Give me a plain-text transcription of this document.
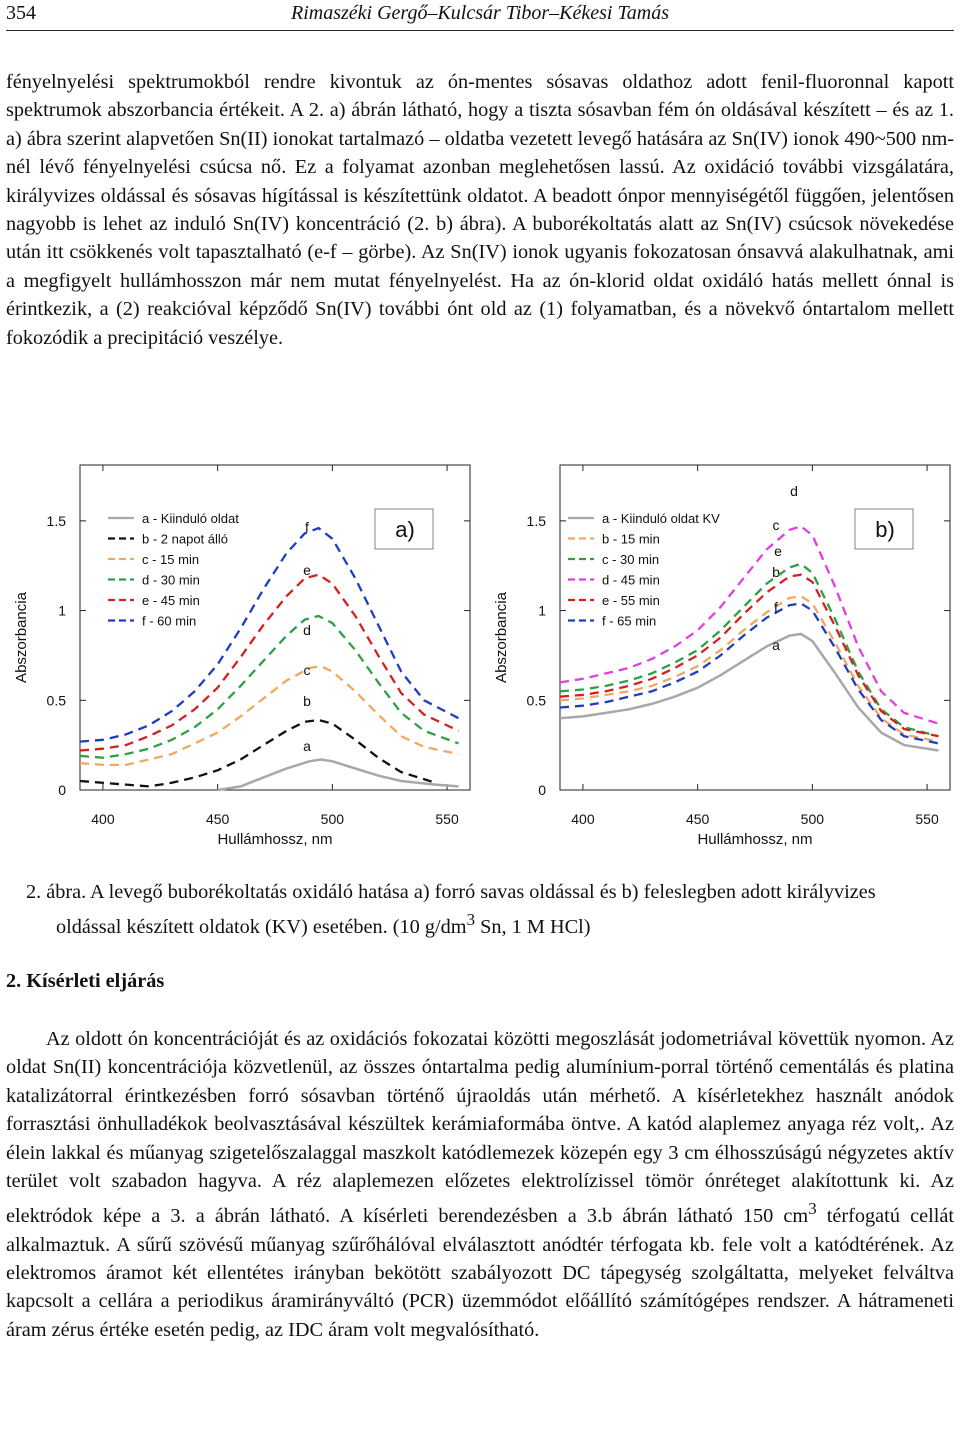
354	Rimaszéki Gergő–Kulcsár Tibor–Kékesi Tamás

fényelnyelési spektrumokból rendre kivontuk az ón-mentes sósavas oldathoz adott fenil-fluoronnal kapott spektrumok abszorbancia értékeit. A 2. a) ábrán látható, hogy a tiszta sósavban fém ón oldásával készített – és az 1. a) ábra szerint alapvetően Sn(II) ionokat tartalmazó – oldatba vezetett levegő hatására az Sn(IV) ionok 490~500 nm-nél lévő fényelnyelési csúcsa nő. Ez a folyamat azonban meglehetősen lassú. Az oxidáció további vizsgálatára, királyvizes oldással és sósavas hígítással is készítettünk oldatot. A beadott ónpor mennyiségétől függően, jelentősen nagyobb is lehet az induló Sn(IV) koncentráció (2. b) ábra). A buborékoltatás alatt az Sn(IV) csúcsok növekedése után itt csökkenés volt tapasztalható (e-f – görbe). Az Sn(IV) ionok ugyanis fokozatosan ónsavvá alakulhatnak, ami a megfigyelt hullámhosszon már nem mutat fényelnyelést. Ha az ón-klorid oldat oxidáló hatás mellett ónnal is érintkezik, a (2) reakcióval képződő Sn(IV) további ónt old az (1) folyamatban, és a növekvő óntartalom mellett fokozódik a precipitáció veszélye.

0
0.5
1
1.5
400	450	500	550
Hullámhossz, nm
Abszorbancia
a
b
c
d
e
f
a - Kiinduló oldat
b - 2 napot álló
c - 15 min
d - 30 min
e - 45 min
f - 60 min
a)
0
0.5
1
1.5
400	450	500	550
Hullámhossz, nm
Abszorbancia	a
b
c
d
e
f
a - Kiinduló oldat KV
b - 15 min
c - 30 min
d - 45 min
e - 55 min
f - 65 min
b)

2. ábra. A levegő buborékoltatás oxidáló hatása a) forró savas oldással és b) feleslegben adott királyvizes oldással készített oldatok (KV) esetében. (10 $g/dm^3$ Sn, 1 M HCl)

2. Kísérleti eljárás

Az oldott ón koncentrációját és az oxidációs fokozatai közötti megoszlását jodometriával követtük nyomon. Az oldat Sn(II) koncentrációja közvetlenül, az összes óntartalma pedig alumínium-porral történő cementálás és platina katalizátorral érintkezésben forró sósavban történő újraoldás után mérhető. A kísérletekhez használt anódok forrasztási önhulladékok beolvasztásával készültek kerámiaformába öntve. A katód alaplemez anyaga réz volt,. Az élein lakkal és műanyag szigetelőszalaggal maszkolt katódlemezek közepén egy 3 cm élhosszúságú négyzetes aktív terület volt szabadon hagyva. A réz alaplemezen előzetes elektrolízissel tömör ónréteget alakítottunk ki. Az elektródok képe a 3. a ábrán látható. A kísérleti berendezésben a 3.b ábrán látható 150 $cm^3$ térfogatú cellát alkalmaztuk. A sűrű szövésű műanyag szűrőhálóval elválasztott anódtér térfogata kb. fele volt a katódtérének. Az elektromos áramot két ellentétes irányban bekötött szabályozott DC tápegység szolgáltatta, melyeket felváltva kapcsolt a cellára a periodikus áramirányváltó (PCR) üzemmódot előállító számítógépes rendszer. A hátrameneti áram zérus értéke esetén pedig, az IDC áram volt megvalósítható.
